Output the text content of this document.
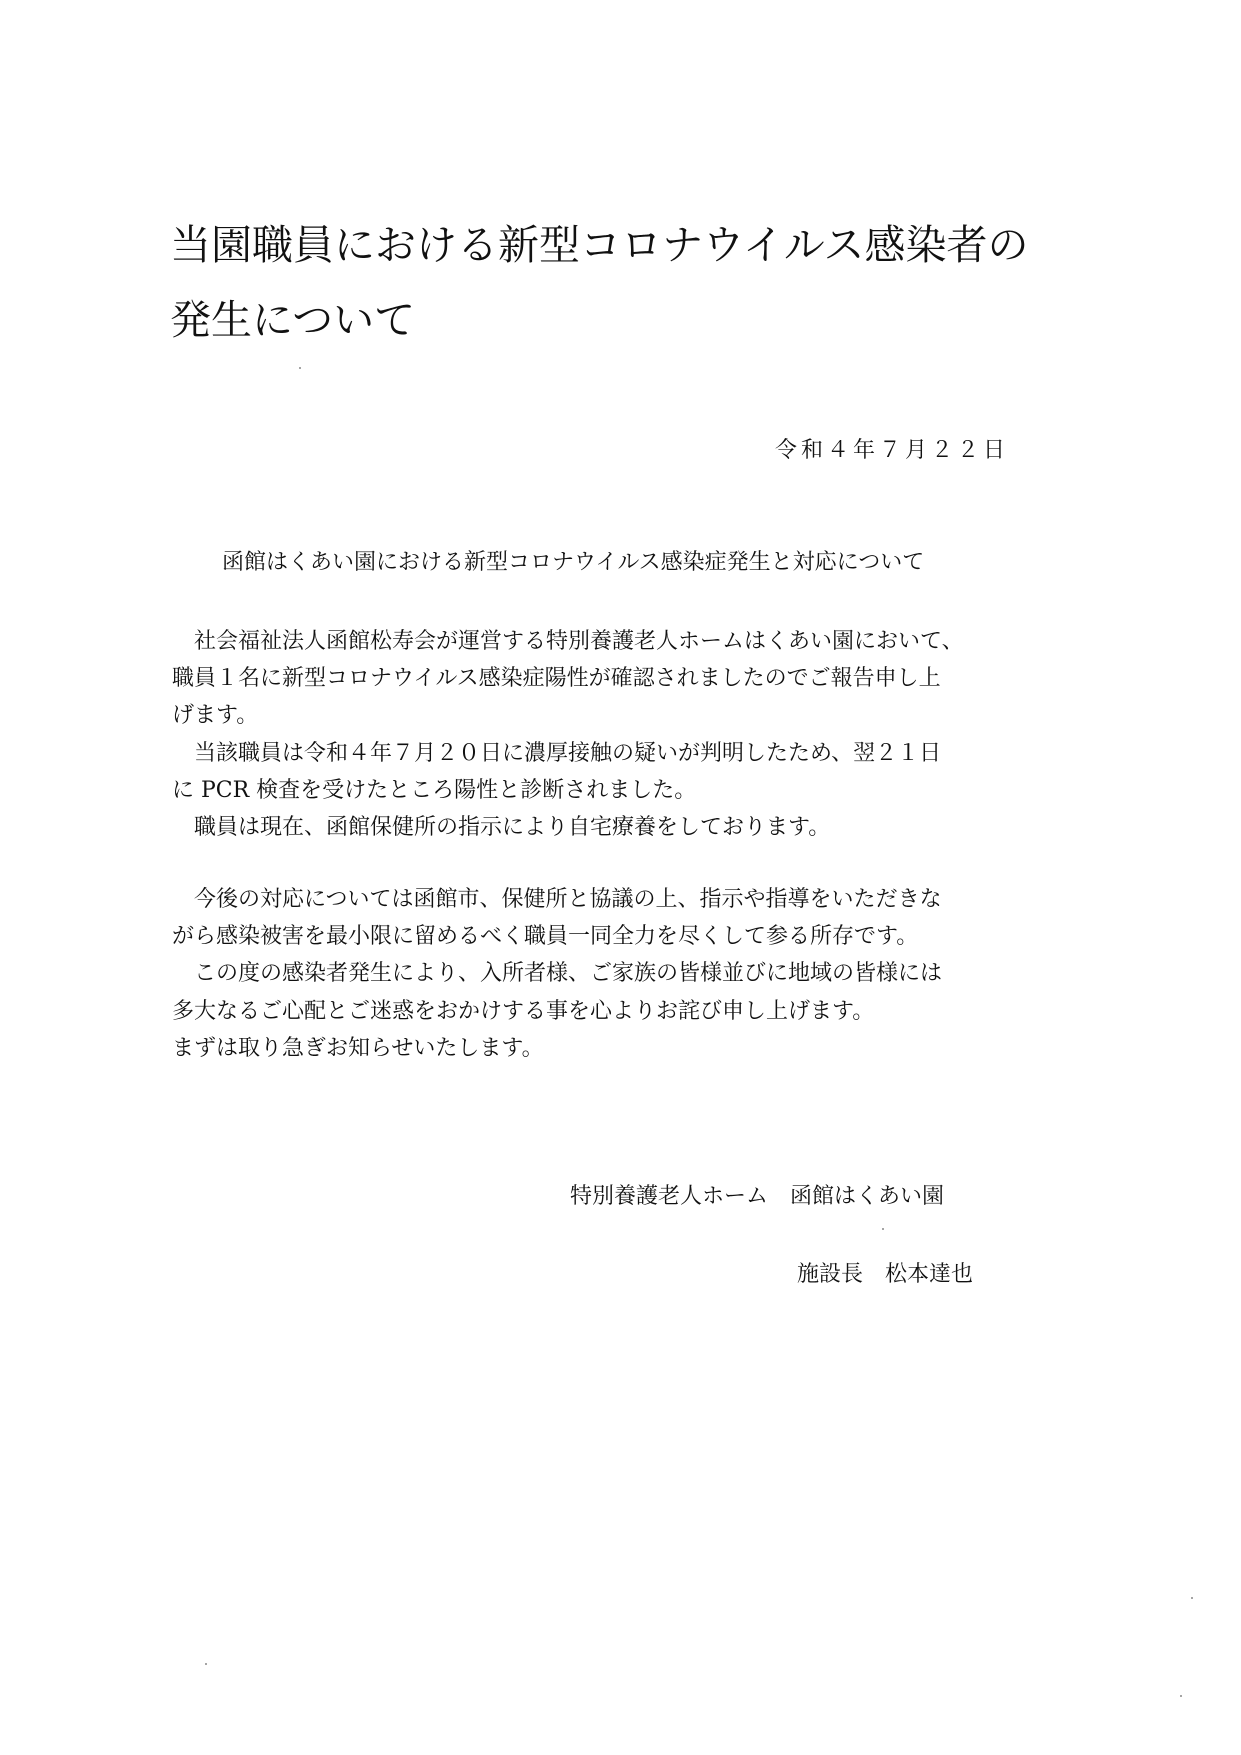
当園職員における新型コロナウイルス感染者の
発生について
令和４年７月２２日
函館はくあい園における新型コロナウイルス感染症発生と対応について
　社会福祉法人函館松寿会が運営する特別養護老人ホームはくあい園において、
職員１名に新型コロナウイルス感染症陽性が確認されましたのでご報告申し上
げます。
　当該職員は令和４年７月２０日に濃厚接触の疑いが判明したため、翌２１日
に PCR 検査を受けたところ陽性と診断されました。
　職員は現在、函館保健所の指示により自宅療養をしております。
　今後の対応については函館市、保健所と協議の上、指示や指導をいただきな
がら感染被害を最小限に留めるべく職員一同全力を尽くして参る所存です。
　この度の感染者発生により、入所者様、ご家族の皆様並びに地域の皆様には
多大なるご心配とご迷惑をおかけする事を心よりお詫び申し上げます。
まずは取り急ぎお知らせいたします。
特別養護老人ホーム　函館はくあい園
施設長　松本達也
